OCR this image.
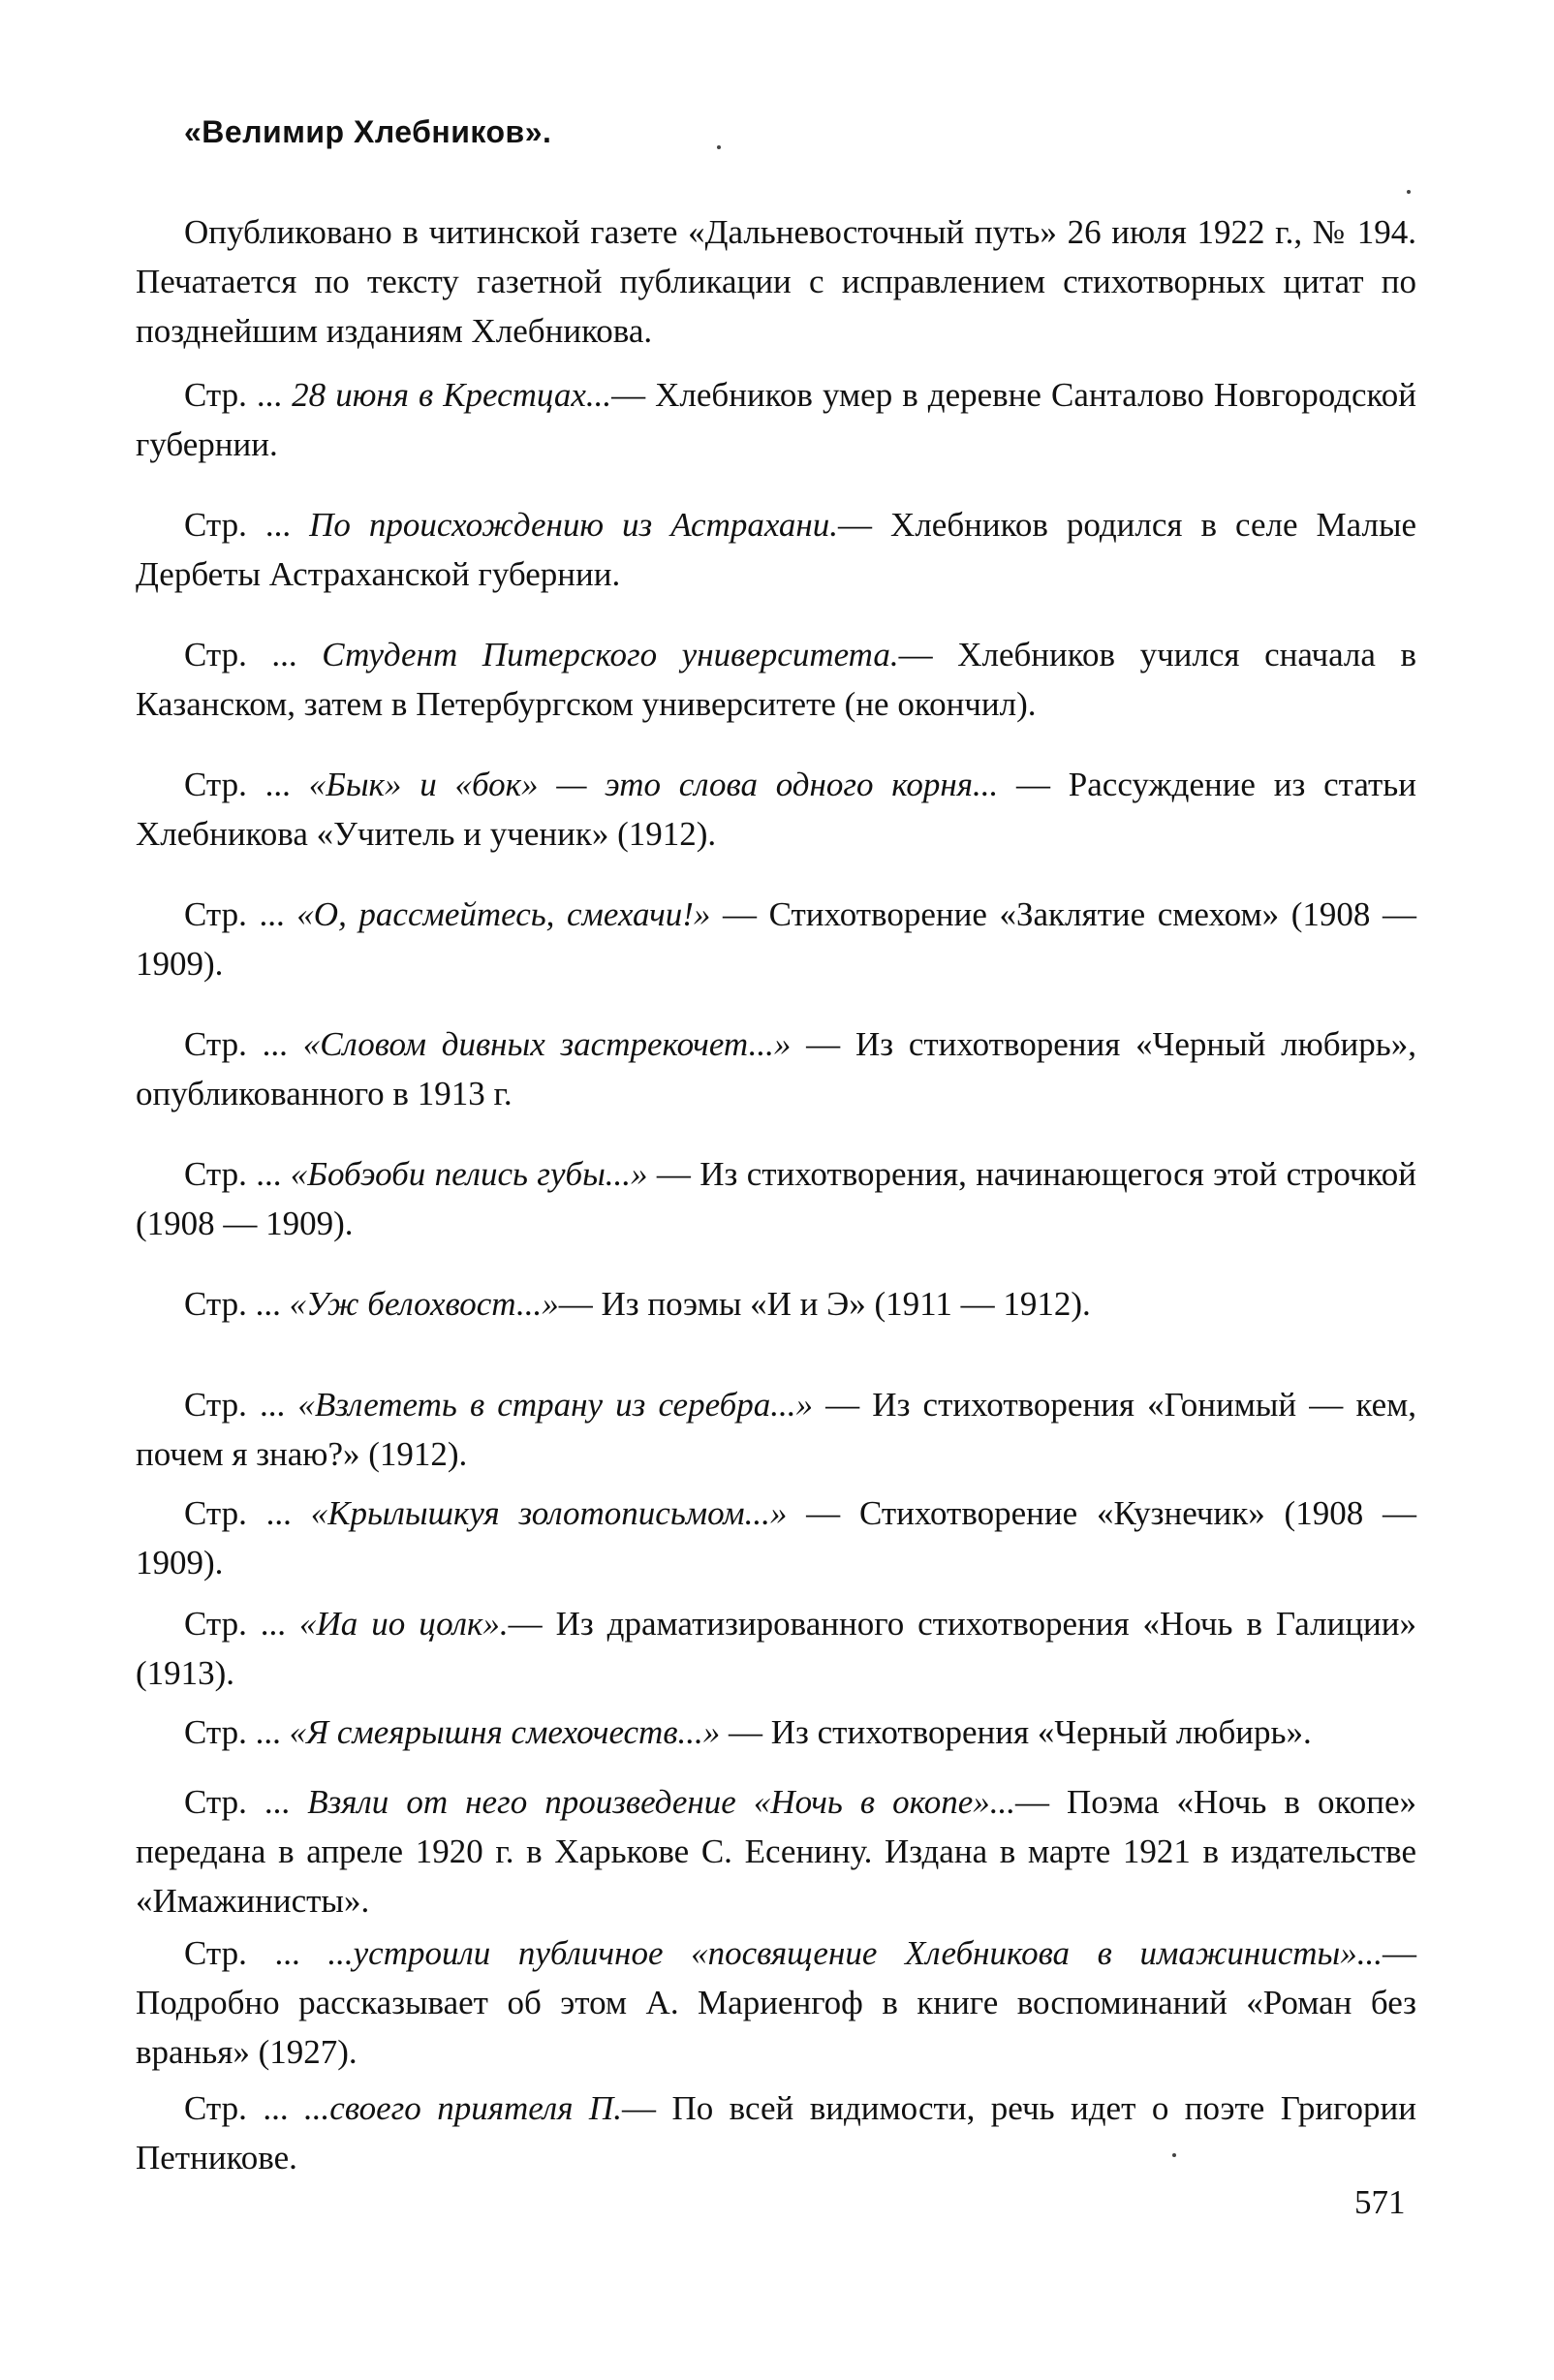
«Велимир Хлебников».

Опубликовано в читинской газете «Дальневосточный путь» 26 июля 1922 г., № 194. Печатается по тексту газетной публикации с исправлением стихотворных цитат по позднейшим изданиям Хлебникова.

Стр. ... 28 июня в Крестцах...— Хлебников умер в деревне Санталово Новгородской губернии.

Стр. ... По происхождению из Астрахани.— Хлебников родился в селе Малые Дербеты Астраханской губернии.

Стр. ... Студент Питерского университета.— Хлебников учился сначала в Казанском, затем в Петербургском университете (не окончил).

Стр. ... «Бык» и «бок» — это слова одного корня... — Рассуждение из статьи Хлебникова «Учитель и ученик» (1912).

Стр. ... «О, рассмейтесь, смехачи!» — Стихотворение «Заклятие смехом» (1908 — 1909).

Стр. ... «Словом дивных застрекочет...» — Из стихотворения «Черный любирь», опубликованного в 1913 г.

Стр. ... «Бобэоби пелись губы...» — Из стихотворения, начинающегося этой строчкой (1908 — 1909).

Стр. ... «Уж белохвост...»— Из поэмы «И и Э» (1911 — 1912).

Стр. ... «Взлететь в страну из серебра...» — Из стихотворения «Гонимый — кем, почем я знаю?» (1912).

Стр. ... «Крылышкуя золотописьмом...» — Стихотворение «Кузнечик» (1908 — 1909).

Стр. ... «Иа ио цолк».— Из драматизированного стихотворения «Ночь в Галиции» (1913).

Стр. ... «Я смеярышня смехочеств...» — Из стихотворения «Черный любирь».

Стр. ... Взяли от него произведение «Ночь в окопе»...— Поэма «Ночь в окопе» передана в апреле 1920 г. в Харькове С. Есенину. Издана в марте 1921 в издательстве «Имажинисты».

Стр. ... ...устроили публичное «посвящение Хлебникова в имажинисты»...— Подробно рассказывает об этом А. Мариенгоф в книге воспоминаний «Роман без вранья» (1927).

Стр. ... ...своего приятеля П.— По всей видимости, речь идет о поэте Григории Петникове.

571
